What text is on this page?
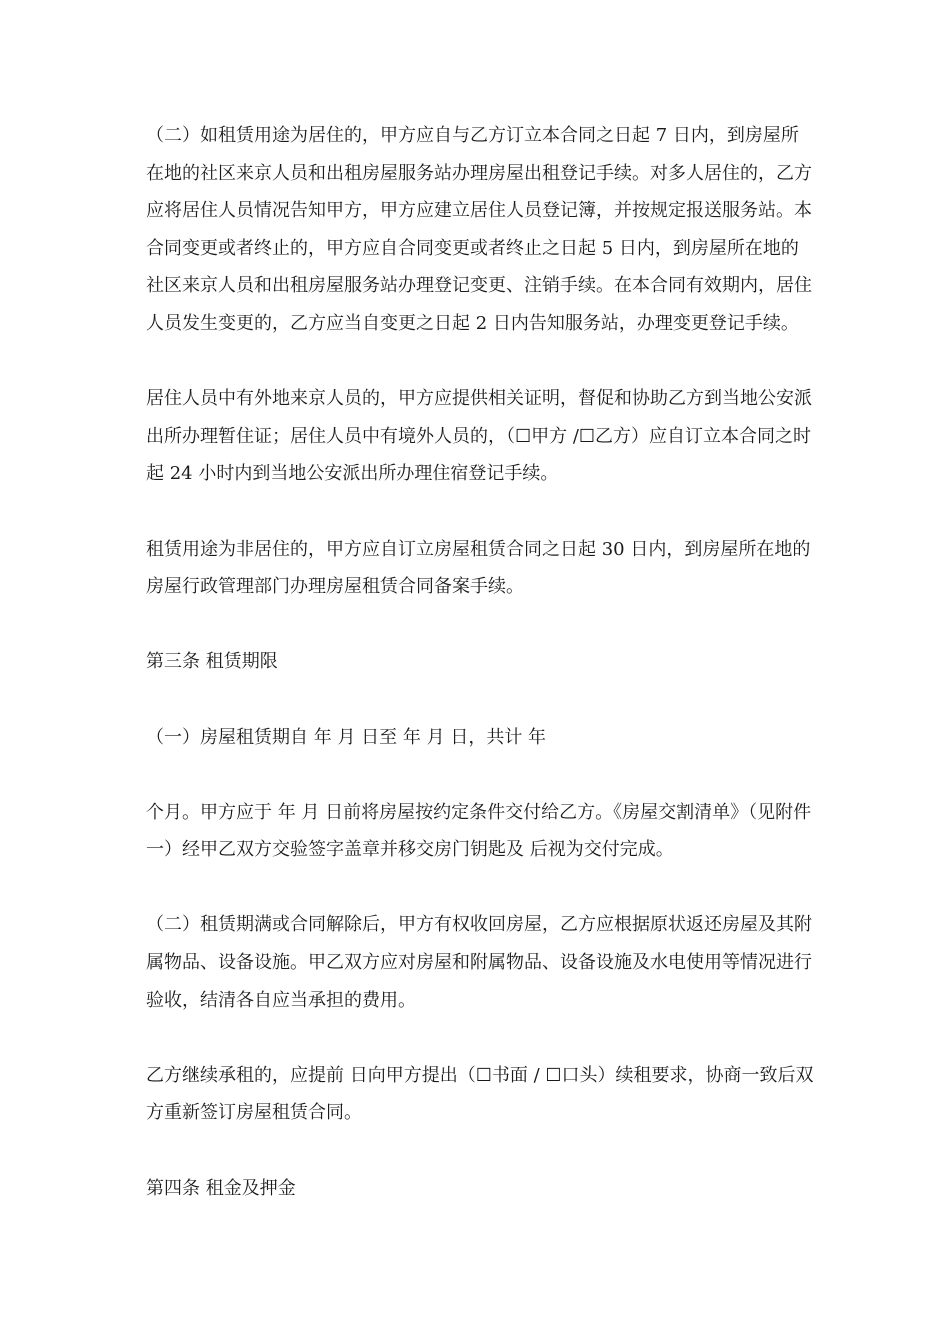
（二）如租赁用途为居住的，甲方应自与乙方订立本合同之日起 7 日内，到房屋所在地的社区来京人员和出租房屋服务站办理房屋出租登记手续。对多人居住的，乙方应将居住人员情况告知甲方，甲方应建立居住人员登记簿，并按规定报送服务站。本合同变更或者终止的，甲方应自合同变更或者终止之日起 5 日内，到房屋所在地的社区来京人员和出租房屋服务站办理登记变更、注销手续。在本合同有效期内，居住人员发生变更的，乙方应当自变更之日起 2 日内告知服务站，办理变更登记手续。

居住人员中有外地来京人员的，甲方应提供相关证明，督促和协助乙方到当地公安派出所办理暂住证；居住人员中有境外人员的，（☐甲方 /☐乙方）应自订立本合同之时起 24 小时内到当地公安派出所办理住宿登记手续。

租赁用途为非居住的，甲方应自订立房屋租赁合同之日起 30 日内，到房屋所在地的房屋行政管理部门办理房屋租赁合同备案手续。

第三条 租赁期限

（一）房屋租赁期自 年 月 日至 年 月 日，共计 年

个月。甲方应于 年 月 日前将房屋按约定条件交付给乙方。《房屋交割清单》（见附件一）经甲乙双方交验签字盖章并移交房门钥匙及 后视为交付完成。

（二）租赁期满或合同解除后，甲方有权收回房屋，乙方应根据原状返还房屋及其附属物品、设备设施。甲乙双方应对房屋和附属物品、设备设施及水电使用等情况进行验收，结清各自应当承担的费用。

乙方继续承租的，应提前 日向甲方提出（☐书面 / ☐口头）续租要求，协商一致后双方重新签订房屋租赁合同。

第四条 租金及押金
